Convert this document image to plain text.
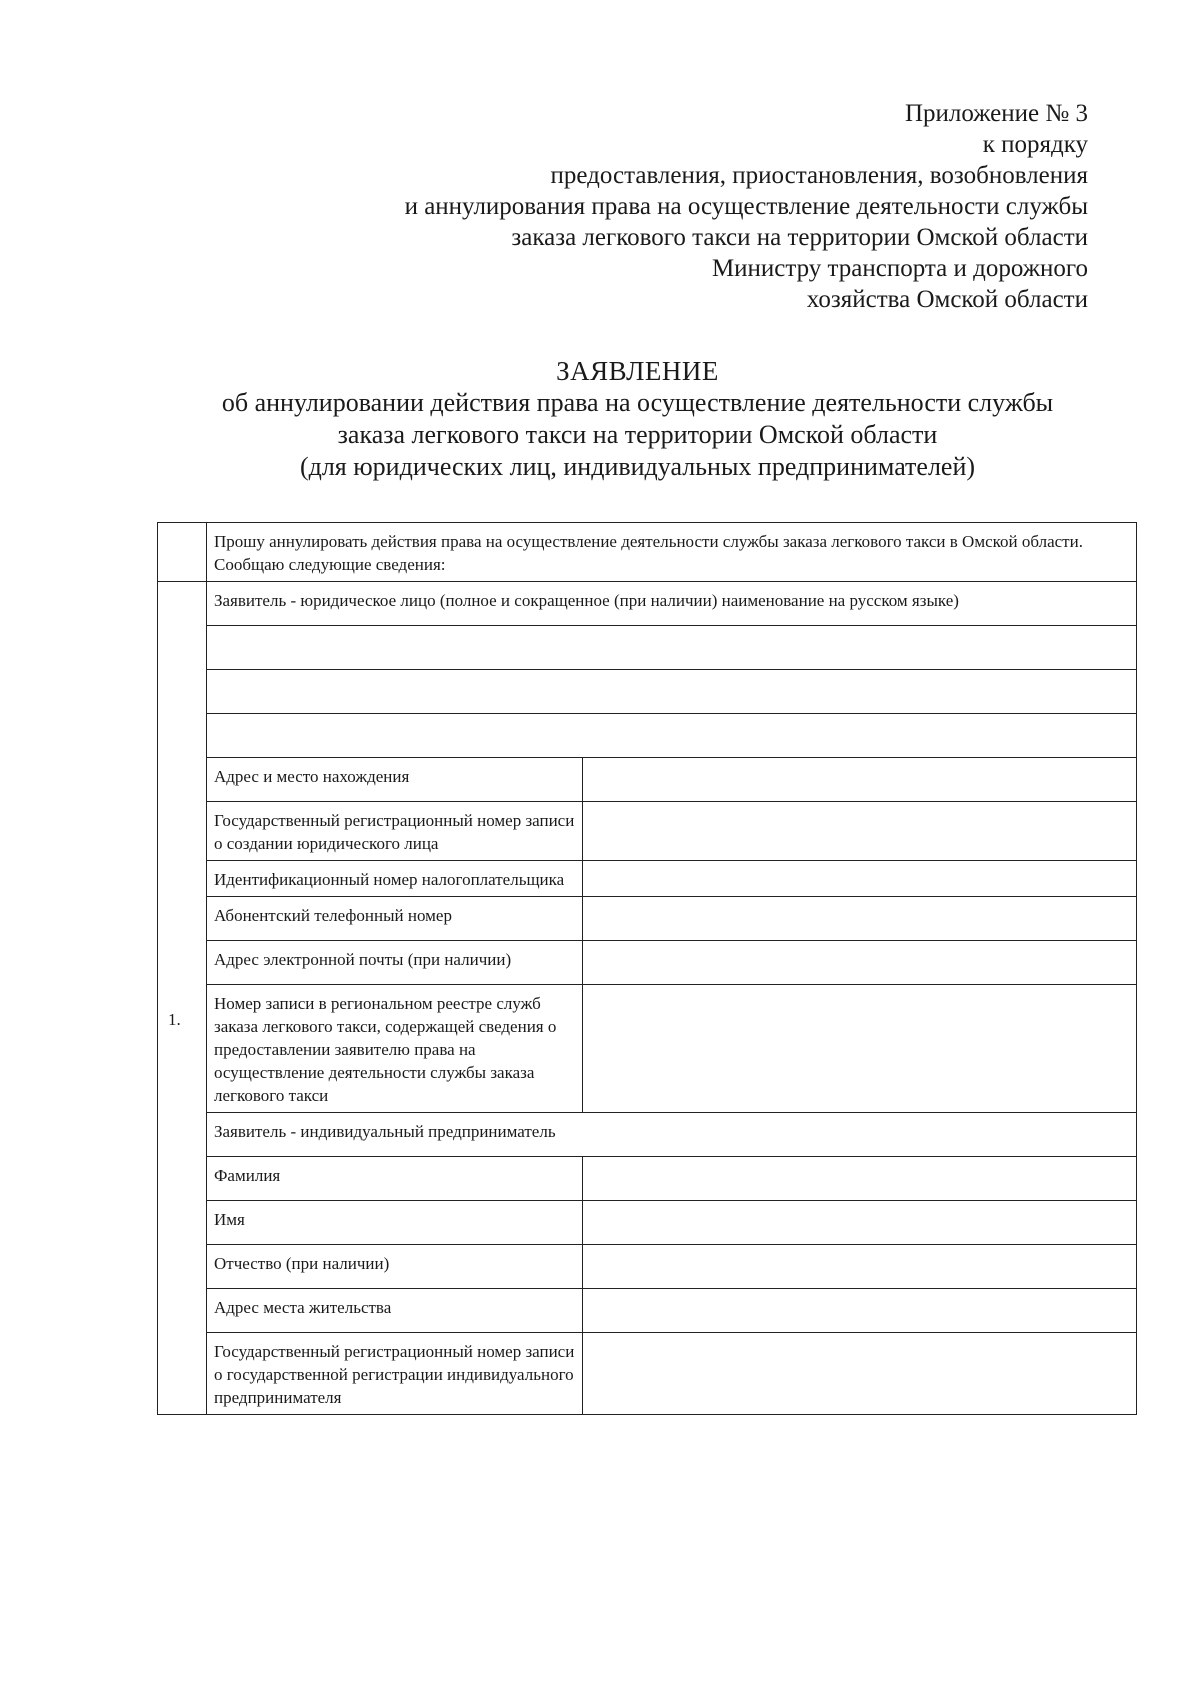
Приложение № 3
к порядку
предоставления, приостановления, возобновления
и аннулирования права на осуществление деятельности службы
заказа легкового такси на территории Омской области
Министру транспорта и дорожного
хозяйства Омской области
ЗАЯВЛЕНИЕ
об аннулировании действия права на осуществление деятельности службы
заказа легкового такси на территории Омской области
(для юридических лиц, индивидуальных предпринимателей)
	Прошу аннулировать действия права на осуществление деятельности службы заказа легкового такси в Омской области. Сообщаю следующие сведения:	
1.	Заявитель - юридическое лицо (полное и сокращенное (при наличии) наименование на русском языке)	

	Адрес и место нахождения	
	Государственный регистрационный номер записи о создании юридического лица	
	Идентификационный номер налогоплательщика	
	Абонентский телефонный номер	
	Адрес электронной почты (при наличии)	
	Номер записи в региональном реестре служб заказа легкового такси, содержащей сведения о предоставлении заявителю права на осуществление деятельности службы заказа легкового такси	
	Заявитель - индивидуальный предприниматель	
	Фамилия	
	Имя	
	Отчество (при наличии)	
	Адрес места жительства	
	Государственный регистрационный номер записи о государственной регистрации индивидуального предпринимателя	
